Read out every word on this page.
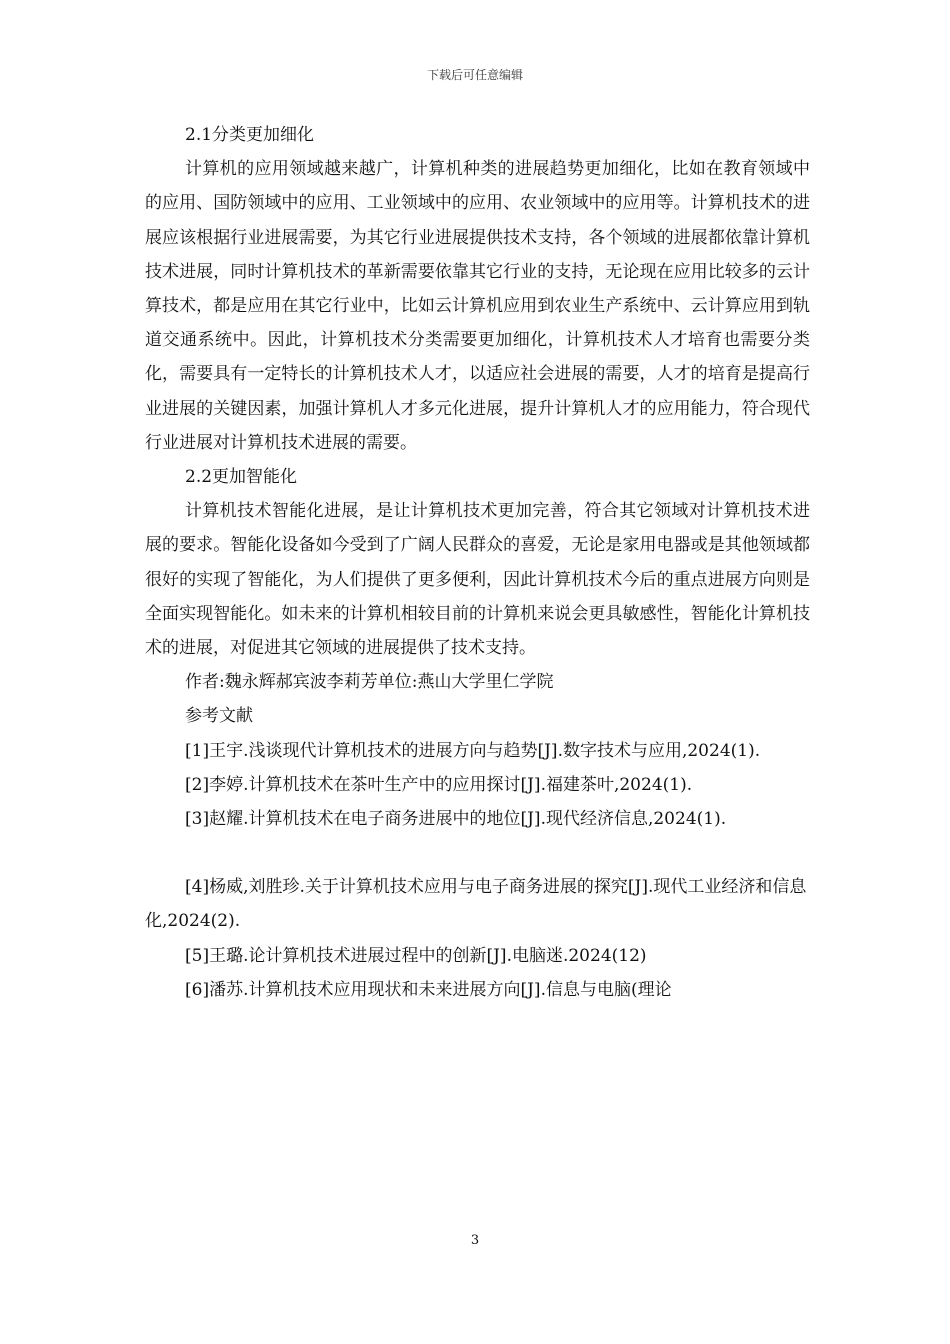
下载后可任意编辑

2.1分类更加细化

计算机的应用领域越来越广，计算机种类的进展趋势更加细化，比如在教育领域中的应用、国防领域中的应用、工业领域中的应用、农业领域中的应用等。计算机技术的进展应该根据行业进展需要，为其它行业进展提供技术支持，各个领域的进展都依靠计算机技术进展，同时计算机技术的革新需要依靠其它行业的支持，无论现在应用比较多的云计算技术，都是应用在其它行业中，比如云计算机应用到农业生产系统中、云计算应用到轨道交通系统中。因此，计算机技术分类需要更加细化，计算机技术人才培育也需要分类化，需要具有一定特长的计算机技术人才，以适应社会进展的需要，人才的培育是提高行业进展的关键因素，加强计算机人才多元化进展，提升计算机人才的应用能力，符合现代行业进展对计算机技术进展的需要。

2.2更加智能化

计算机技术智能化进展，是让计算机技术更加完善，符合其它领域对计算机技术进展的要求。智能化设备如今受到了广阔人民群众的喜爱，无论是家用电器或是其他领域都很好的实现了智能化，为人们提供了更多便利，因此计算机技术今后的重点进展方向则是全面实现智能化。如未来的计算机相较目前的计算机来说会更具敏感性，智能化计算机技术的进展，对促进其它领域的进展提供了技术支持。

作者:魏永辉郝宾波李莉芳单位:燕山大学里仁学院

参考文献

[1]王宇.浅谈现代计算机技术的进展方向与趋势[J].数字技术与应用,2024(1).

[2]李婷.计算机技术在茶叶生产中的应用探讨[J].福建茶叶,2024(1).

[3]赵耀.计算机技术在电子商务进展中的地位[J].现代经济信息,2024(1).

[4]杨威,刘胜珍.关于计算机技术应用与电子商务进展的探究[J].现代工业经济和信息化,2024(2).

[5]王璐.论计算机技术进展过程中的创新[J].电脑迷.2024(12)

[6]潘苏.计算机技术应用现状和未来进展方向[J].信息与电脑(理论

3
